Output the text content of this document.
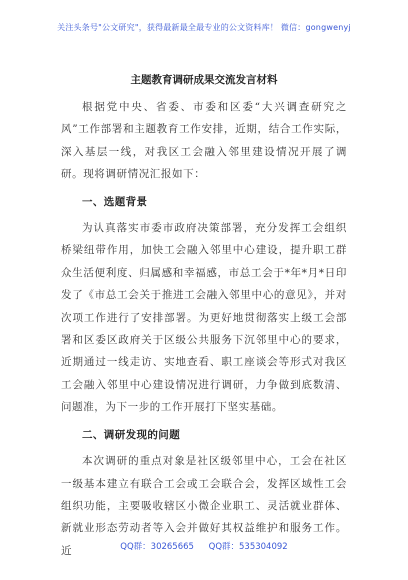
关注头条号"公文研究"，获得最新最全最专业的公文资料库！ 微信：gongwenyj
主题教育调研成果交流发言材料

根据党中央、省委、市委和区委“大兴调查研究之风”工作部署和主题教育工作安排，近期，结合工作实际，深入基层一线，对我区工会融入邻里建设情况开展了调研。现将调研情况汇报如下：

一、选题背景

为认真落实市委市政府决策部署，充分发挥工会组织桥梁纽带作用，加快工会融入邻里中心建设，提升职工群众生活便利度、归属感和幸福感，市总工会于*年*月*日印发了《市总工会关于推进工会融入邻里中心的意见》，并对次项工作进行了安排部署。为更好地贯彻落实上级工会部署和区委区政府关于区级公共服务下沉邻里中心的要求，近期通过一线走访、实地查看、职工座谈会等形式对我区工会融入邻里中心建设情况进行调研，力争做到底数清、问题准，为下一步的工作开展打下坚实基础。

二、调研发现的问题

本次调研的重点对象是社区级邻里中心，工会在社区一级基本建立有联合工会或工会联合会，发挥区域性工会组织功能，主要吸收辖区小微企业职工、灵活就业群体、新就业形态劳动者等入会并做好其权益维护和服务工作。近	QQ群：30265665 QQ群：535304092
